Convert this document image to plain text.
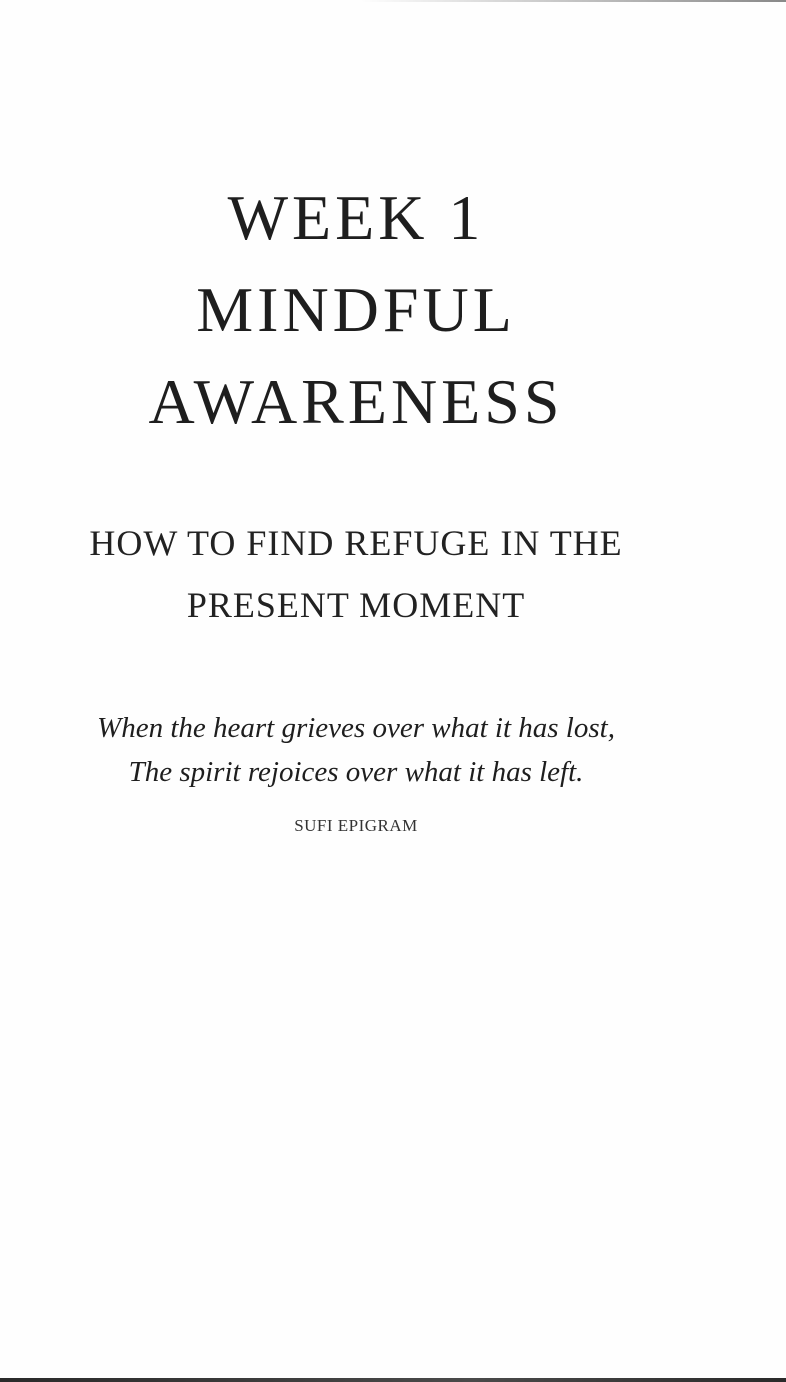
WEEK 1
MINDFUL
AWARENESS
HOW TO FIND REFUGE IN THE
PRESENT MOMENT
When the heart grieves over what it has lost,
The spirit rejoices over what it has left.
SUFI EPIGRAM
